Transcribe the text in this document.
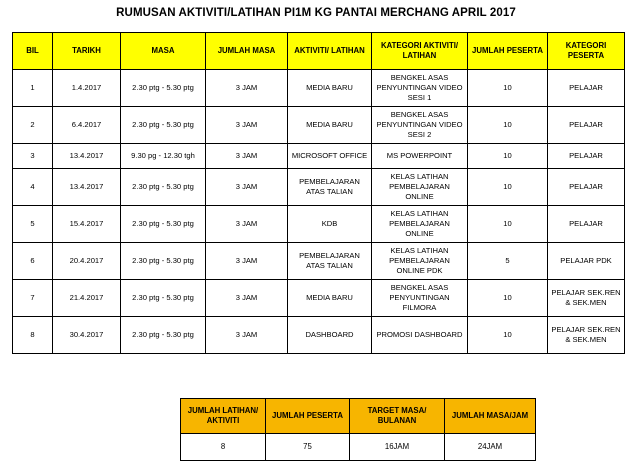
RUMUSAN AKTIVITI/LATIHAN PI1M KG PANTAI MERCHANG APRIL 2017
BIL	TARIKH	MASA	JUMLAH MASA	AKTIVITI/ LATIHAN	KATEGORI AKTIVITI/ LATIHAN	JUMLAH PESERTA	KATEGORI PESERTA
1	1.4.2017	2.30 ptg - 5.30 ptg	3 JAM	MEDIA BARU	BENGKEL ASAS PENYUNTINGAN VIDEO SESI 1	10	PELAJAR
2	6.4.2017	2.30 ptg - 5.30 ptg	3 JAM	MEDIA BARU	BENGKEL ASAS PENYUNTINGAN VIDEO SESI 2	10	PELAJAR
3	13.4.2017	9.30 pg - 12.30 tgh	3 JAM	MICROSOFT OFFICE	MS POWERPOINT	10	PELAJAR
4	13.4.2017	2.30 ptg - 5.30 ptg	3 JAM	PEMBELAJARAN ATAS TALIAN	KELAS LATIHAN PEMBELAJARAN ONLINE	10	PELAJAR
5	15.4.2017	2.30 ptg - 5.30 ptg	3 JAM	KDB	KELAS LATIHAN PEMBELAJARAN ONLINE	10	PELAJAR
6	20.4.2017	2.30 ptg - 5.30 ptg	3 JAM	PEMBELAJARAN ATAS TALIAN	KELAS LATIHAN PEMBELAJARAN ONLINE PDK	5	PELAJAR PDK
7	21.4.2017	2.30 ptg - 5.30 ptg	3 JAM	MEDIA BARU	BENGKEL ASAS PENYUNTINGAN FILMORA	10	PELAJAR SEK.REN & SEK.MEN
8	30.4.2017	2.30 ptg - 5.30 ptg	3 JAM	DASHBOARD	PROMOSI DASHBOARD	10	PELAJAR SEK.REN & SEK.MEN
JUMLAH LATIHAN/ AKTIVITI	JUMLAH PESERTA	TARGET MASA/ BULANAN	JUMLAH MASA/JAM
8	75	16JAM	24JAM
